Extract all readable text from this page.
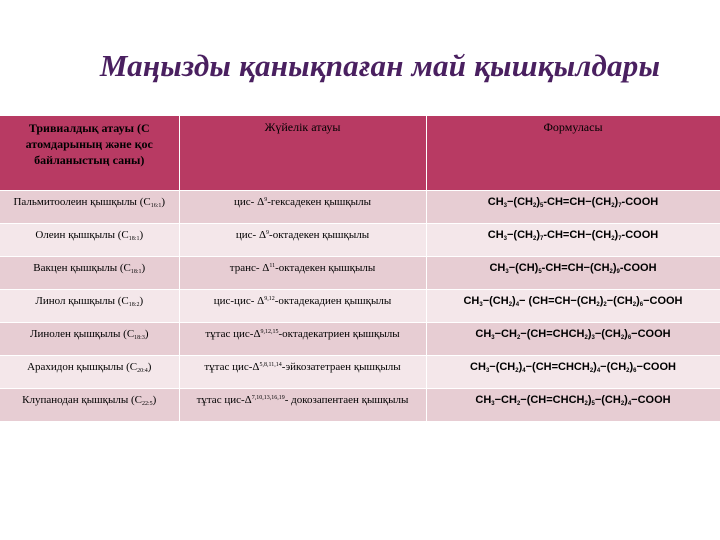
Маңызды қанықпаған май қышқылдары
Тривиалдық атауы (С атомдарының және қос байланыстың саны)	Жүйелік атауы	Формуласы
Пальмитоолеин қышқылы $(С_{16:1})$	цис- $\Delta^9$-гексадекен қышқылы	$CH_3-(CH_2)_5-CH=CH-(CH_2)_7$-COOH
Олеин қышқылы $(С_{18:1})$	цис- $\Delta^9$-октадекен қышқылы	$CH_3-(CH_2)_7-CH=CH-(CH_2)_7$-COOH
Вакцен қышқылы $(С_{18:1})$	транс- $\Delta^{11}$-октадекен қышқылы	$CH_3-(CH)_5-CH=CH-(CH_2)_9$-COOH
Линол қышқылы $(С_{18:2})$	цис-цис- Δ$^{9,12}$-октадекадиен қышқылы	$CH_3-(CH_2)_4-$ ($CH=CH-(CH_2)_2-(CH_2)_6-COOH$
Линолен қышқылы $(С_{18:3})$	тұтас цис-$\Delta^{9,12,15}$-октадекатриен қышқылы	$CH_3-CH_2-(CH=CHCH_2)_3-(CH_2)_6-COOH$
Арахидон қышқылы $(С_{20:4})$	тұтас цис-$\Delta^{5,8,11,14}$-эйкозатетраен қышқылы	$CH_3-(CH_2)_4-(CH=CHCH_2)_4-(CH_2)_6-COOH$
Клупанодан қышқылы $(С_{22:5})$	тұтас цис-$\Delta^{7,10,13,16,19}-$ докозапентаен қышқылы	$CH_3-CH_2-(CH=CHCH_2)_5-(CH_2)_4-COOH$
